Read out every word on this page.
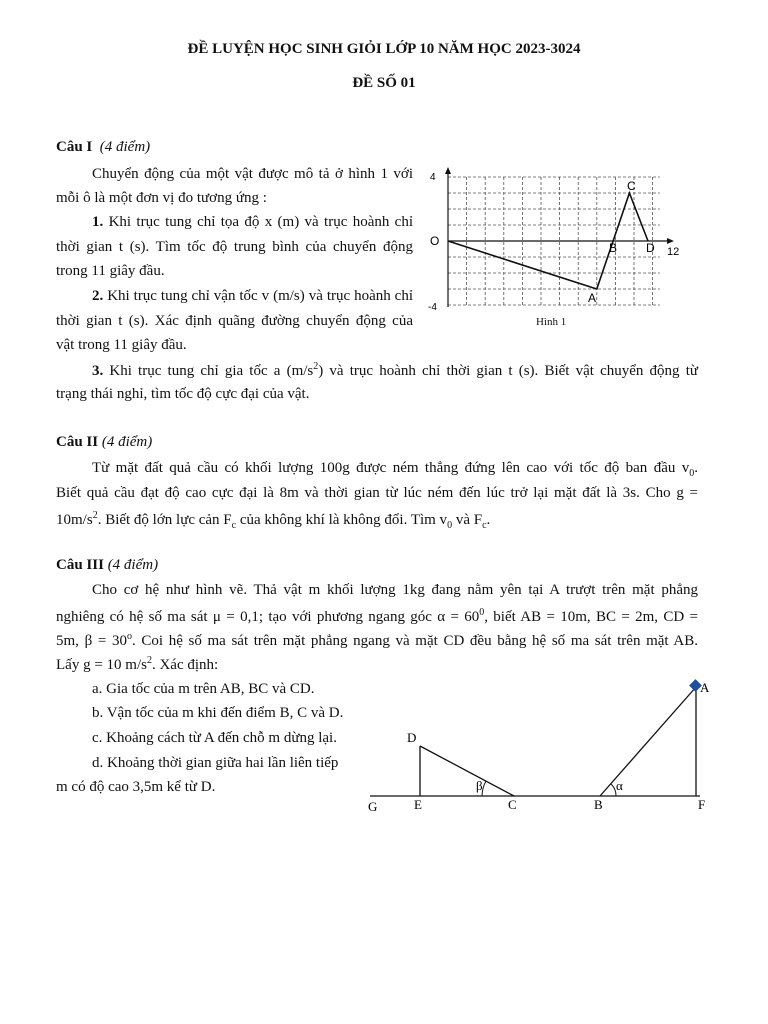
ĐỀ LUYỆN HỌC SINH GIỎI LỚP 10 NĂM HỌC 2023-3024
ĐỀ SỐ 01
Câu I (4 điểm)
Chuyển động của một vật được mô tả ở hình 1 với
mỗi ô là một đơn vị đo tương ứng :
1. Khi trục tung chỉ tọa độ x (m) và trục hoành chỉ
thời gian t (s). Tìm tốc độ trung bình của chuyển động
trong 11 giây đầu.
2. Khi trục tung chỉ vận tốc v (m/s) và trục hoành chỉ
thời gian t (s). Xác định quãng đường chuyển động của
vật trong 11 giây đầu.
3. Khi trục tung chỉ gia tốc a $(m/s^2)$ và trục hoành chỉ thời gian t (s). Biết vật chuyển động từ
trạng thái nghỉ, tìm tốc độ cực đại của vật.
4
-4
O
12
A
B
C
D
Hình 1
Câu II (4 điểm)
Từ mặt đất quả cầu có khối lượng 100g được ném thẳng đứng lên cao với tốc độ ban đầu $v_0$.
Biết quả cầu đạt độ cao cực đại là 8m và thời gian từ lúc ném đến lúc trở lại mặt đất là 3s. Cho g =
$10m/s^2$. Biết độ lớn lực cản $F_c$ của không khí là không đổi. Tìm $v_0$ và $F_c$.
Câu III (4 điểm)
Cho cơ hệ như hình vẽ. Thả vật m khối lượng 1kg đang nằm yên tại A trượt trên mặt phẳng
nghiêng có hệ số ma sát μ = 0,1; tạo với phương ngang góc $\alpha = 60^0$, biết AB = 10m, BC = 2m, CD =
5m, $\beta = 30^o$. Coi hệ số ma sát trên mặt phẳng ngang và mặt CD đều bằng hệ số ma sát trên mặt AB.
Lấy g = 10 $m/s^2$. Xác định:
a. Gia tốc của m trên AB, BC và CD.
b. Vận tốc của m khi đến điểm B, C và D.
c. Khoảng cách từ A đến chỗ m dừng lại.
d. Khoảng thời gian giữa hai lần liên tiếp
m có độ cao 3,5m kể từ D.
G	E	C	B	F
D
A
β	α
